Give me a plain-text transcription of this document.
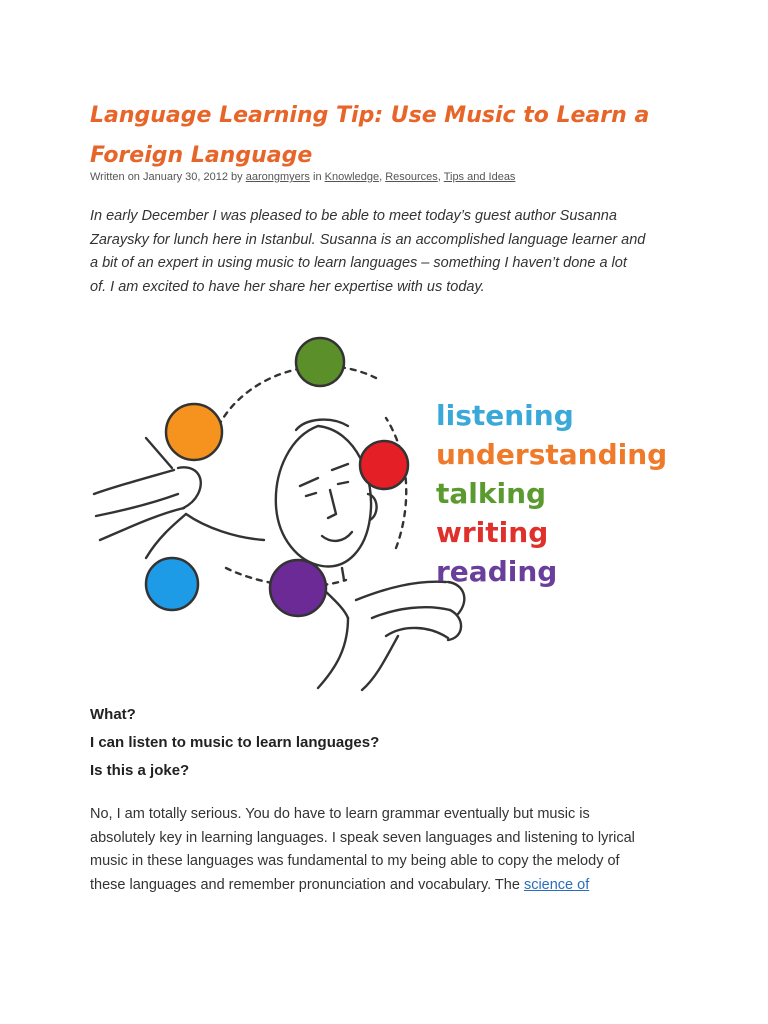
Language Learning Tip: Use Music to Learn a
Foreign Language
Written on January 30, 2012 by aarongmyers in Knowledge, Resources, Tips and Ideas

In early December I was pleased to be able to meet today’s guest author Susanna
Zaraysky for lunch here in Istanbul. Susanna is an accomplished language learner and
a bit of an expert in using music to learn languages – something I haven’t done a lot
of. I am excited to have her share her expertise with us today.

listening
understanding
talking
writing
reading

What?

I can listen to music to learn languages?

Is this a joke?

No, I am totally serious. You do have to learn grammar eventually but music is
absolutely key in learning languages. I speak seven languages and listening to lyrical
music in these languages was fundamental to my being able to copy the melody of
these languages and remember pronunciation and vocabulary. The science of
